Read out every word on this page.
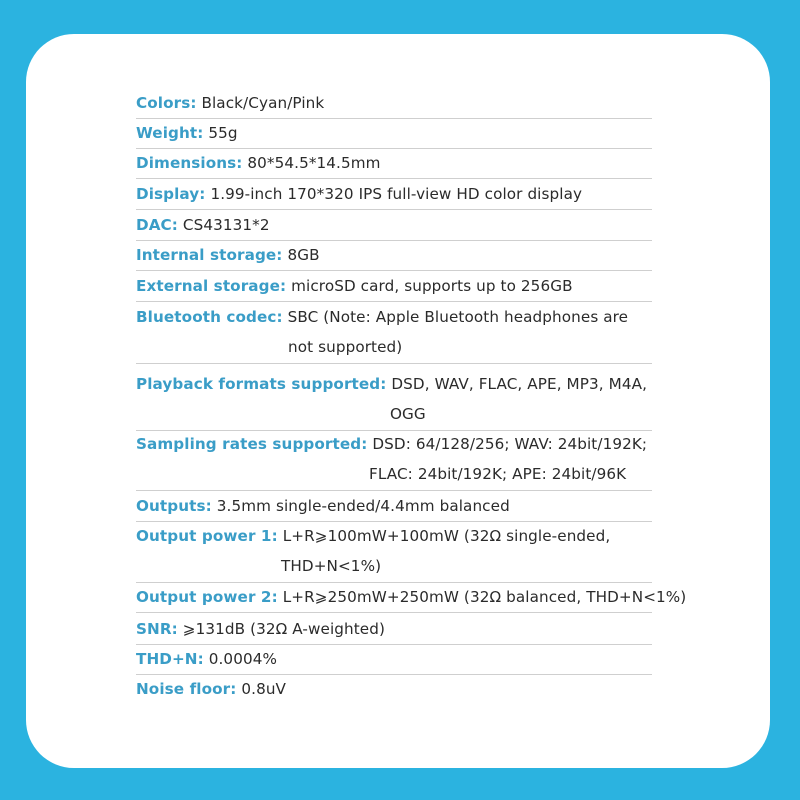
Colors: Black/Cyan/Pink
Weight: 55g
Dimensions: 80*54.5*14.5mm
Display: 1.99-inch 170*320 IPS full-view HD color display
DAC: CS43131*2
Internal storage: 8GB
External storage: microSD card, supports up to 256GB
Bluetooth codec: SBC (Note: Apple Bluetooth headphones are
not supported)
Playback formats supported: DSD, WAV, FLAC, APE, MP3, M4A,
OGG
Sampling rates supported: DSD: 64/128/256; WAV: 24bit/192K;
FLAC: 24bit/192K; APE: 24bit/96K
Outputs: 3.5mm single-ended/4.4mm balanced
Output power 1: L+R⩾100mW+100mW (32Ω single-ended,
THD+N<1%)
Output power 2: L+R⩾250mW+250mW (32Ω balanced, THD+N<1%)
SNR: ⩾131dB (32Ω A-weighted)
THD+N: 0.0004%
Noise floor: 0.8uV
